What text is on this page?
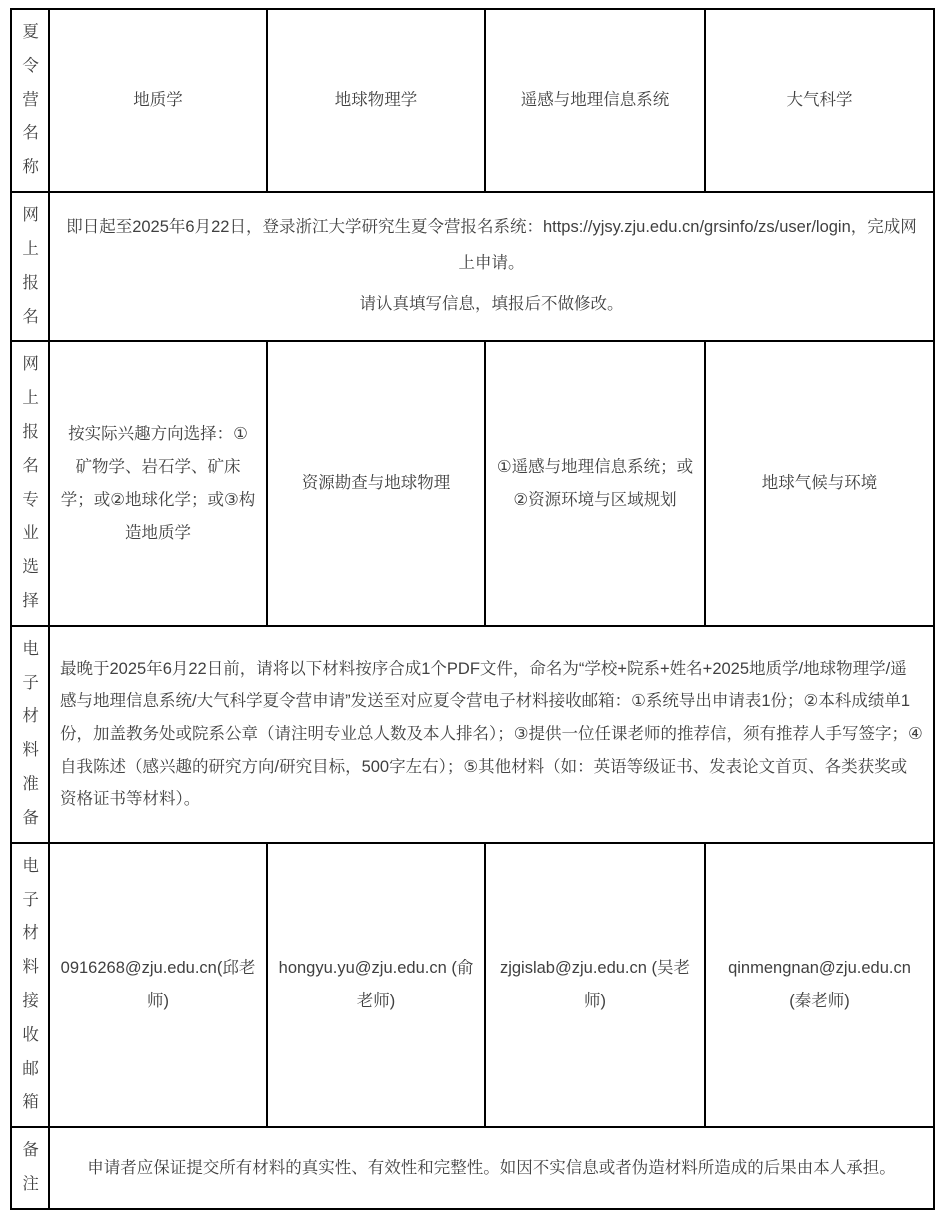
夏令营名称	地质学	地球物理学	遥感与地理信息系统	大气科学

网上报名	即日起至2025年6月22日，登录浙江大学研究生夏令营报名系统：https://yjsy.zju.edu.cn/grsinfo/zs/user/login，完成网上申请。

请认真填写信息，填报后不做修改。			

网上报名专业选择	按实际兴趣方向选择：①矿物学、岩石学、矿床学；或②地球化学；或③构造地质学	资源勘查与地球物理	①遥感与地理信息系统；或②资源环境与区域规划	地球气候与环境

电子材料准备	最晚于2025年6月22日前，请将以下材料按序合成1个PDF文件，命名为“学校+院系+姓名+2025地质学/地球物理学/遥感与地理信息系统/大气科学夏令营申请”发送至对应夏令营电子材料接收邮箱：①系统导出申请表1份；②本科成绩单1份，加盖教务处或院系公章（请注明专业总人数及本人排名）；③提供一位任课老师的推荐信，须有推荐人手写签字；④自我陈述（感兴趣的研究方向/研究目标，500字左右）；⑤其他材料（如：英语等级证书、发表论文首页、各类获奖或资格证书等材料）。			

电子材料接收邮箱	0916268@zju.edu.cn(邱老师)	hongyu.yu@zju.edu.cn (俞老师)	zjgislab@zju.edu.cn (吴老师)	qinmengnan@zju.edu.cn (秦老师)

备注	申请者应保证提交所有材料的真实性、有效性和完整性。如因不实信息或者伪造材料所造成的后果由本人承担。			
